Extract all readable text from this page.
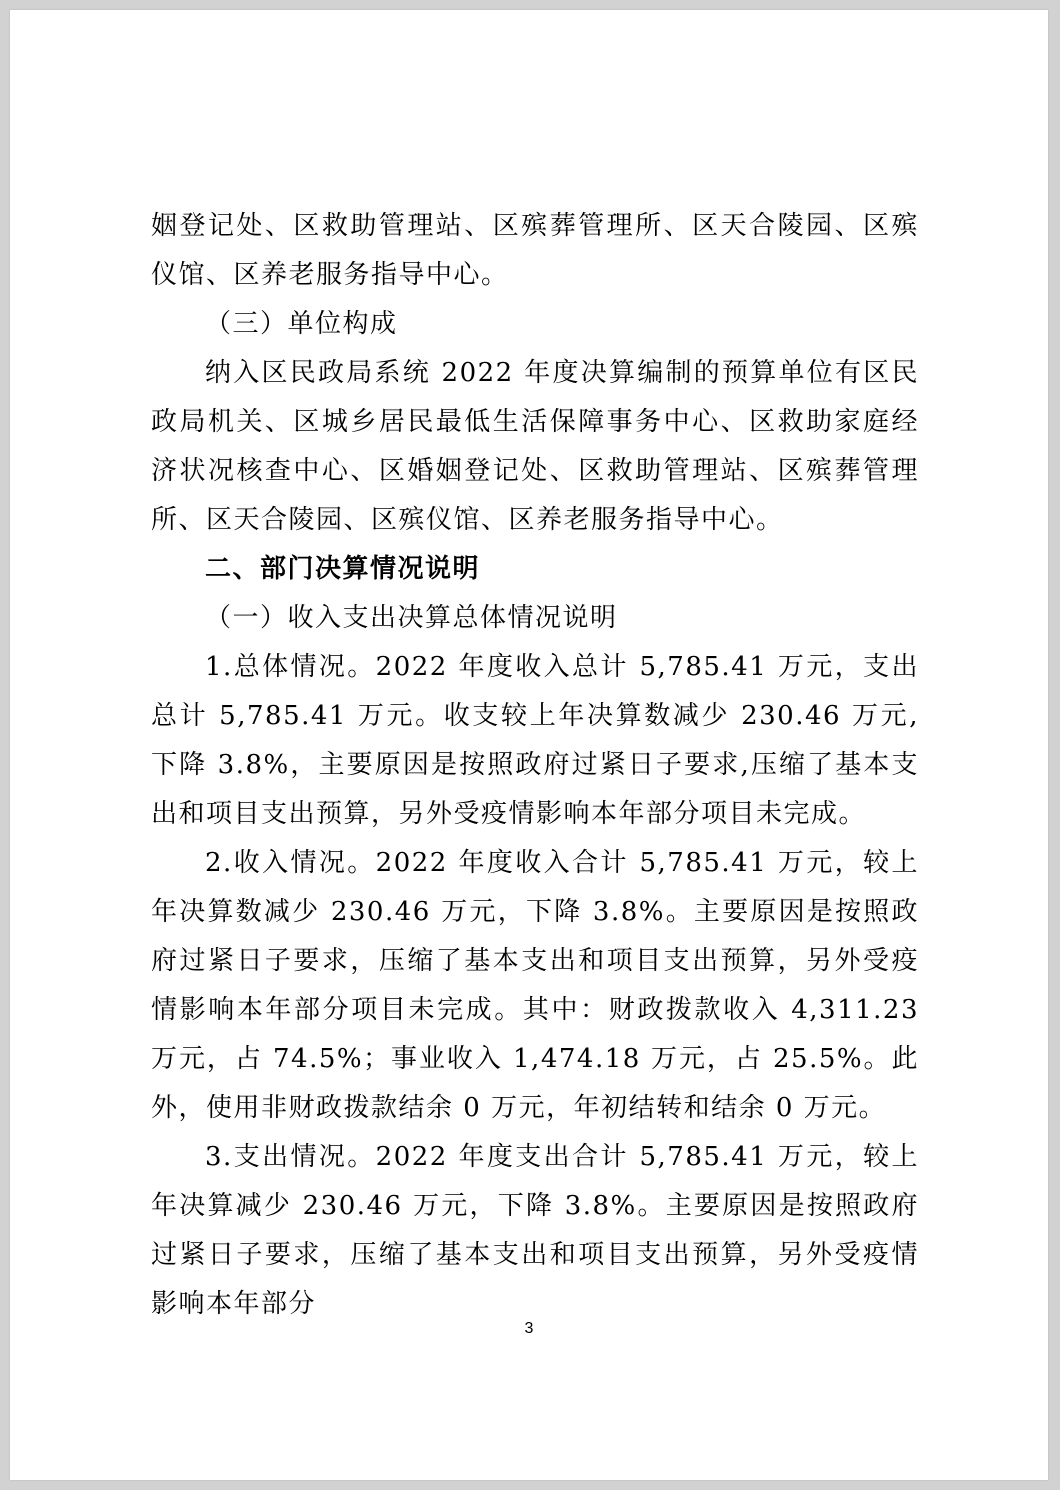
姻登记处、区救助管理站、区殡葬管理所、区天合陵园、区殡仪馆、区养老服务指导中心。

（三）单位构成

纳入区民政局系统 2022 年度决算编制的预算单位有区民政局机关、区城乡居民最低生活保障事务中心、区救助家庭经济状况核查中心、区婚姻登记处、区救助管理站、区殡葬管理所、区天合陵园、区殡仪馆、区养老服务指导中心。

二、部门决算情况说明

（一）收入支出决算总体情况说明

1.总体情况。2022 年度收入总计 5,785.41 万元，支出总计 5,785.41 万元。收支较上年决算数减少 230.46 万元,下降 3.8%，主要原因是按照政府过紧日子要求,压缩了基本支出和项目支出预算，另外受疫情影响本年部分项目未完成。

2.收入情况。2022 年度收入合计 5,785.41 万元，较上年决算数减少 230.46 万元，下降 3.8%。主要原因是按照政府过紧日子要求，压缩了基本支出和项目支出预算，另外受疫情影响本年部分项目未完成。其中：财政拨款收入 4,311.23 万元，占 74.5%；事业收入 1,474.18 万元，占 25.5%。此外，使用非财政拨款结余 0 万元，年初结转和结余 0 万元。

3.支出情况。2022 年度支出合计 5,785.41 万元，较上年决算减少 230.46 万元，下降 3.8%。主要原因是按照政府过紧日子要求，压缩了基本支出和项目支出预算，另外受疫情影响本年部分

3
